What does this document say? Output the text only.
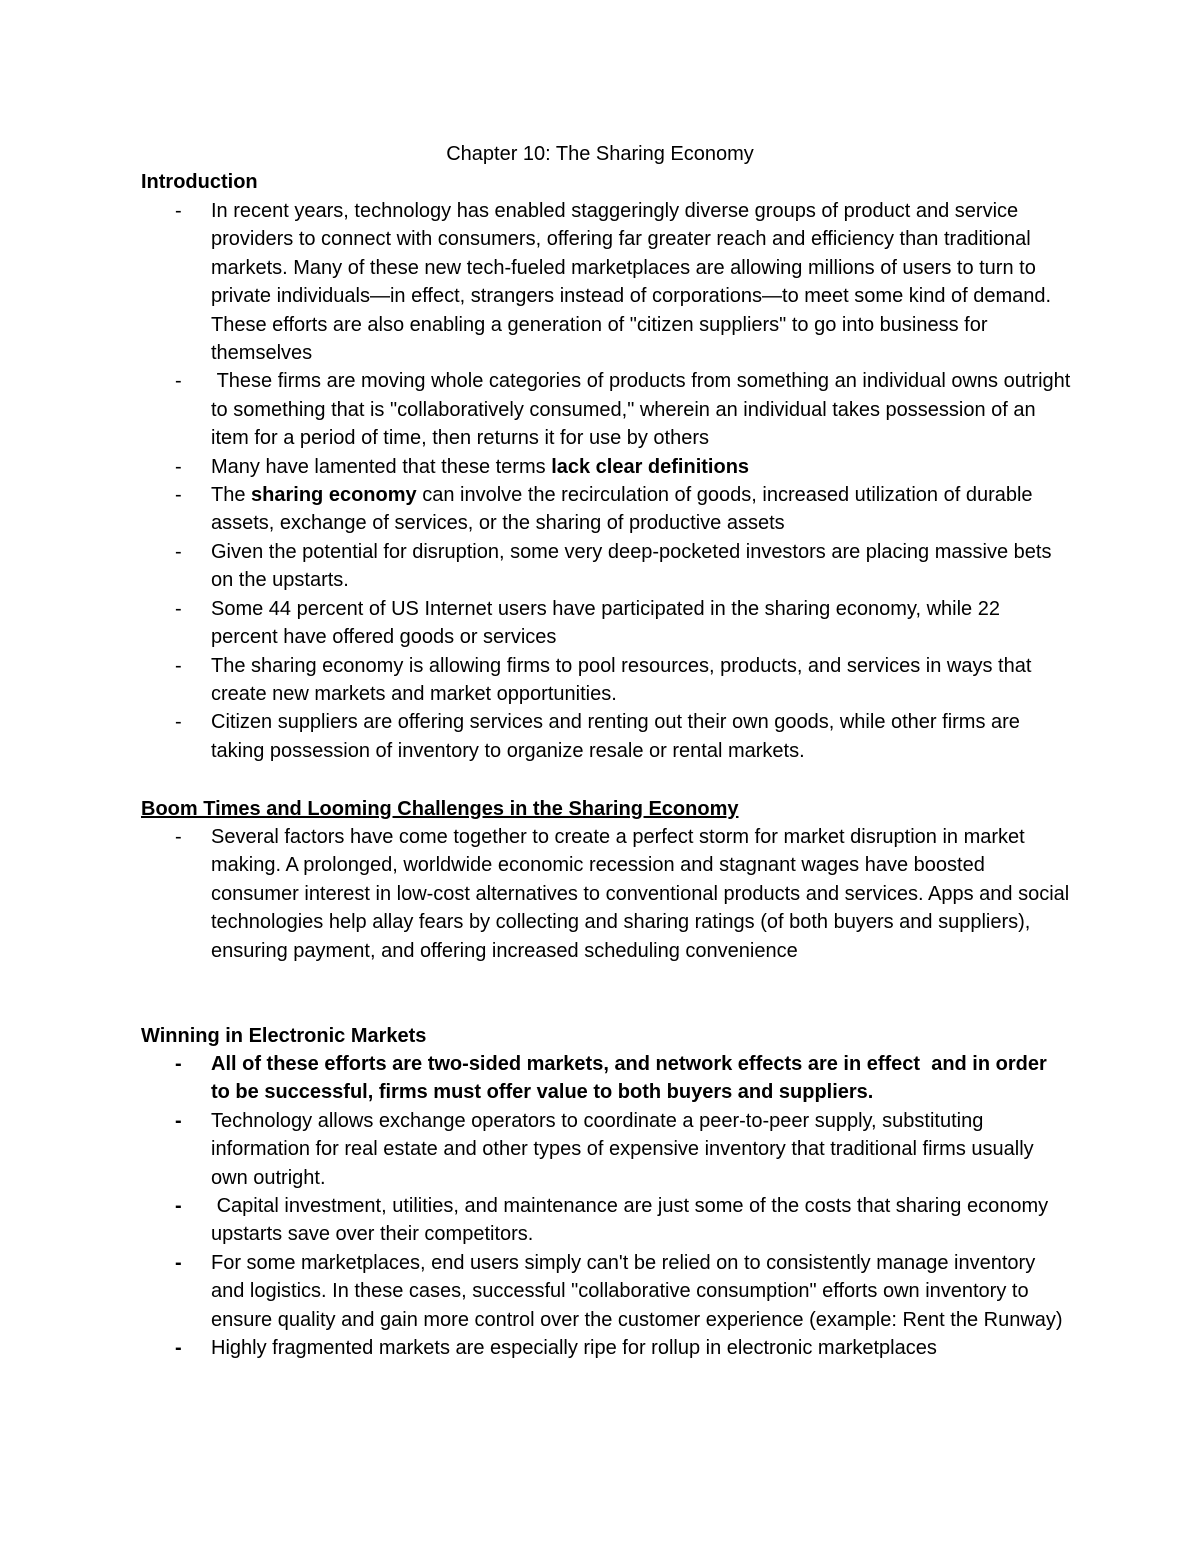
Chapter 10: The Sharing Economy
Introduction
- In recent years, technology has enabled staggeringly diverse groups of product and service providers to connect with consumers, offering far greater reach and efficiency than traditional markets. Many of these new tech-fueled marketplaces are allowing millions of users to turn to private individuals—in effect, strangers instead of corporations—to meet some kind of demand. These efforts are also enabling a generation of "citizen suppliers" to go into business for themselves
- These firms are moving whole categories of products from something an individual owns outright to something that is "collaboratively consumed," wherein an individual takes possession of an item for a period of time, then returns it for use by others
- Many have lamented that these terms lack clear definitions
- The sharing economy can involve the recirculation of goods, increased utilization of durable assets, exchange of services, or the sharing of productive assets
- Given the potential for disruption, some very deep-pocketed investors are placing massive bets on the upstarts.
- Some 44 percent of US Internet users have participated in the sharing economy, while 22 percent have offered goods or services
- The sharing economy is allowing firms to pool resources, products, and services in ways that create new markets and market opportunities.
- Citizen suppliers are offering services and renting out their own goods, while other firms are taking possession of inventory to organize resale or rental markets.
Boom Times and Looming Challenges in the Sharing Economy
- Several factors have come together to create a perfect storm for market disruption in market making. A prolonged, worldwide economic recession and stagnant wages have boosted consumer interest in low-cost alternatives to conventional products and services. Apps and social technologies help allay fears by collecting and sharing ratings (of both buyers and suppliers), ensuring payment, and offering increased scheduling convenience
Winning in Electronic Markets
- All of these efforts are two-sided markets, and network effects are in effect  and in order to be successful, firms must offer value to both buyers and suppliers.
- Technology allows exchange operators to coordinate a peer-to-peer supply, substituting information for real estate and other types of expensive inventory that traditional firms usually own outright.
- Capital investment, utilities, and maintenance are just some of the costs that sharing economy upstarts save over their competitors.
- For some marketplaces, end users simply can't be relied on to consistently manage inventory and logistics. In these cases, successful "collaborative consumption" efforts own inventory to ensure quality and gain more control over the customer experience (example: Rent the Runway)
- Highly fragmented markets are especially ripe for rollup in electronic marketplaces
